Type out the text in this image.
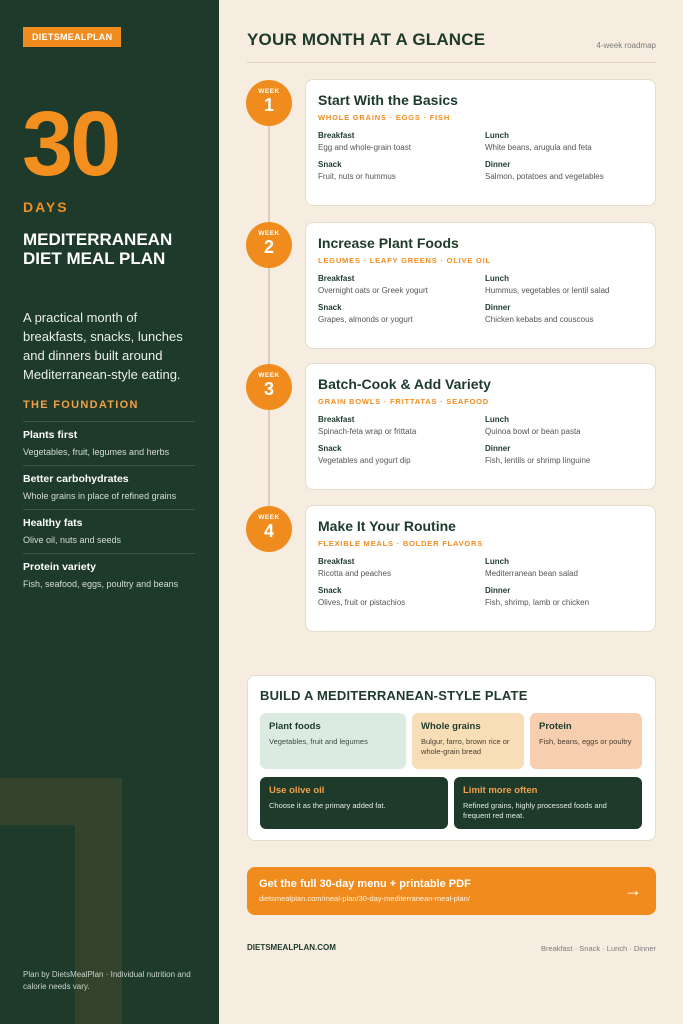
DIETSMEALPLAN
30
DAYS
MEDITERRANEAN DIET MEAL PLAN
A practical month of breakfasts, snacks, lunches and dinners built around Mediterranean-style eating.
THE FOUNDATION
Plants first
Vegetables, fruit, legumes and herbs
Better carbohydrates
Whole grains in place of refined grains
Healthy fats
Olive oil, nuts and seeds
Protein variety
Fish, seafood, eggs, poultry and beans
Plan by DietsMealPlan · Individual nutrition and calorie needs vary.
YOUR MONTH AT A GLANCE	4-week roadmap
WEEK
1	Start With the Basics
WHOLE GRAINS · EGGS · FISH
Breakfast
Egg and whole-grain toast
Lunch
White beans, arugula and feta
Snack
Fruit, nuts or hummus
Dinner
Salmon, potatoes and vegetables
WEEK
2	Increase Plant Foods
LEGUMES · LEAFY GREENS · OLIVE OIL
Breakfast
Overnight oats or Greek yogurt
Lunch
Hummus, vegetables or lentil salad
Snack
Grapes, almonds or yogurt
Dinner
Chicken kebabs and couscous
WEEK
3	Batch-Cook & Add Variety
GRAIN BOWLS · FRITTATAS · SEAFOOD
Breakfast
Spinach-feta wrap or frittata
Lunch
Quinoa bowl or bean pasta
Snack
Vegetables and yogurt dip
Dinner
Fish, lentils or shrimp linguine
WEEK
4	Make It Your Routine
FLEXIBLE MEALS · BOLDER FLAVORS
Breakfast
Ricotta and peaches
Lunch
Mediterranean bean salad
Snack
Olives, fruit or pistachios
Dinner
Fish, shrimp, lamb or chicken
BUILD A MEDITERRANEAN-STYLE PLATE
Plant foods
Vegetables, fruit and legumes
Whole grains
Bulgur, farro, brown rice or whole-grain bread
Protein
Fish, beans, eggs or poultry
Use olive oil
Choose it as the primary added fat.
Limit more often
Refined grains, highly processed foods and frequent red meat.
Get the full 30-day menu + printable PDF
dietsmealplan.com/meal-plan/30-day-mediterranean-meal-plan/	→
DIETSMEALPLAN.COM	Breakfast · Snack · Lunch · Dinner
